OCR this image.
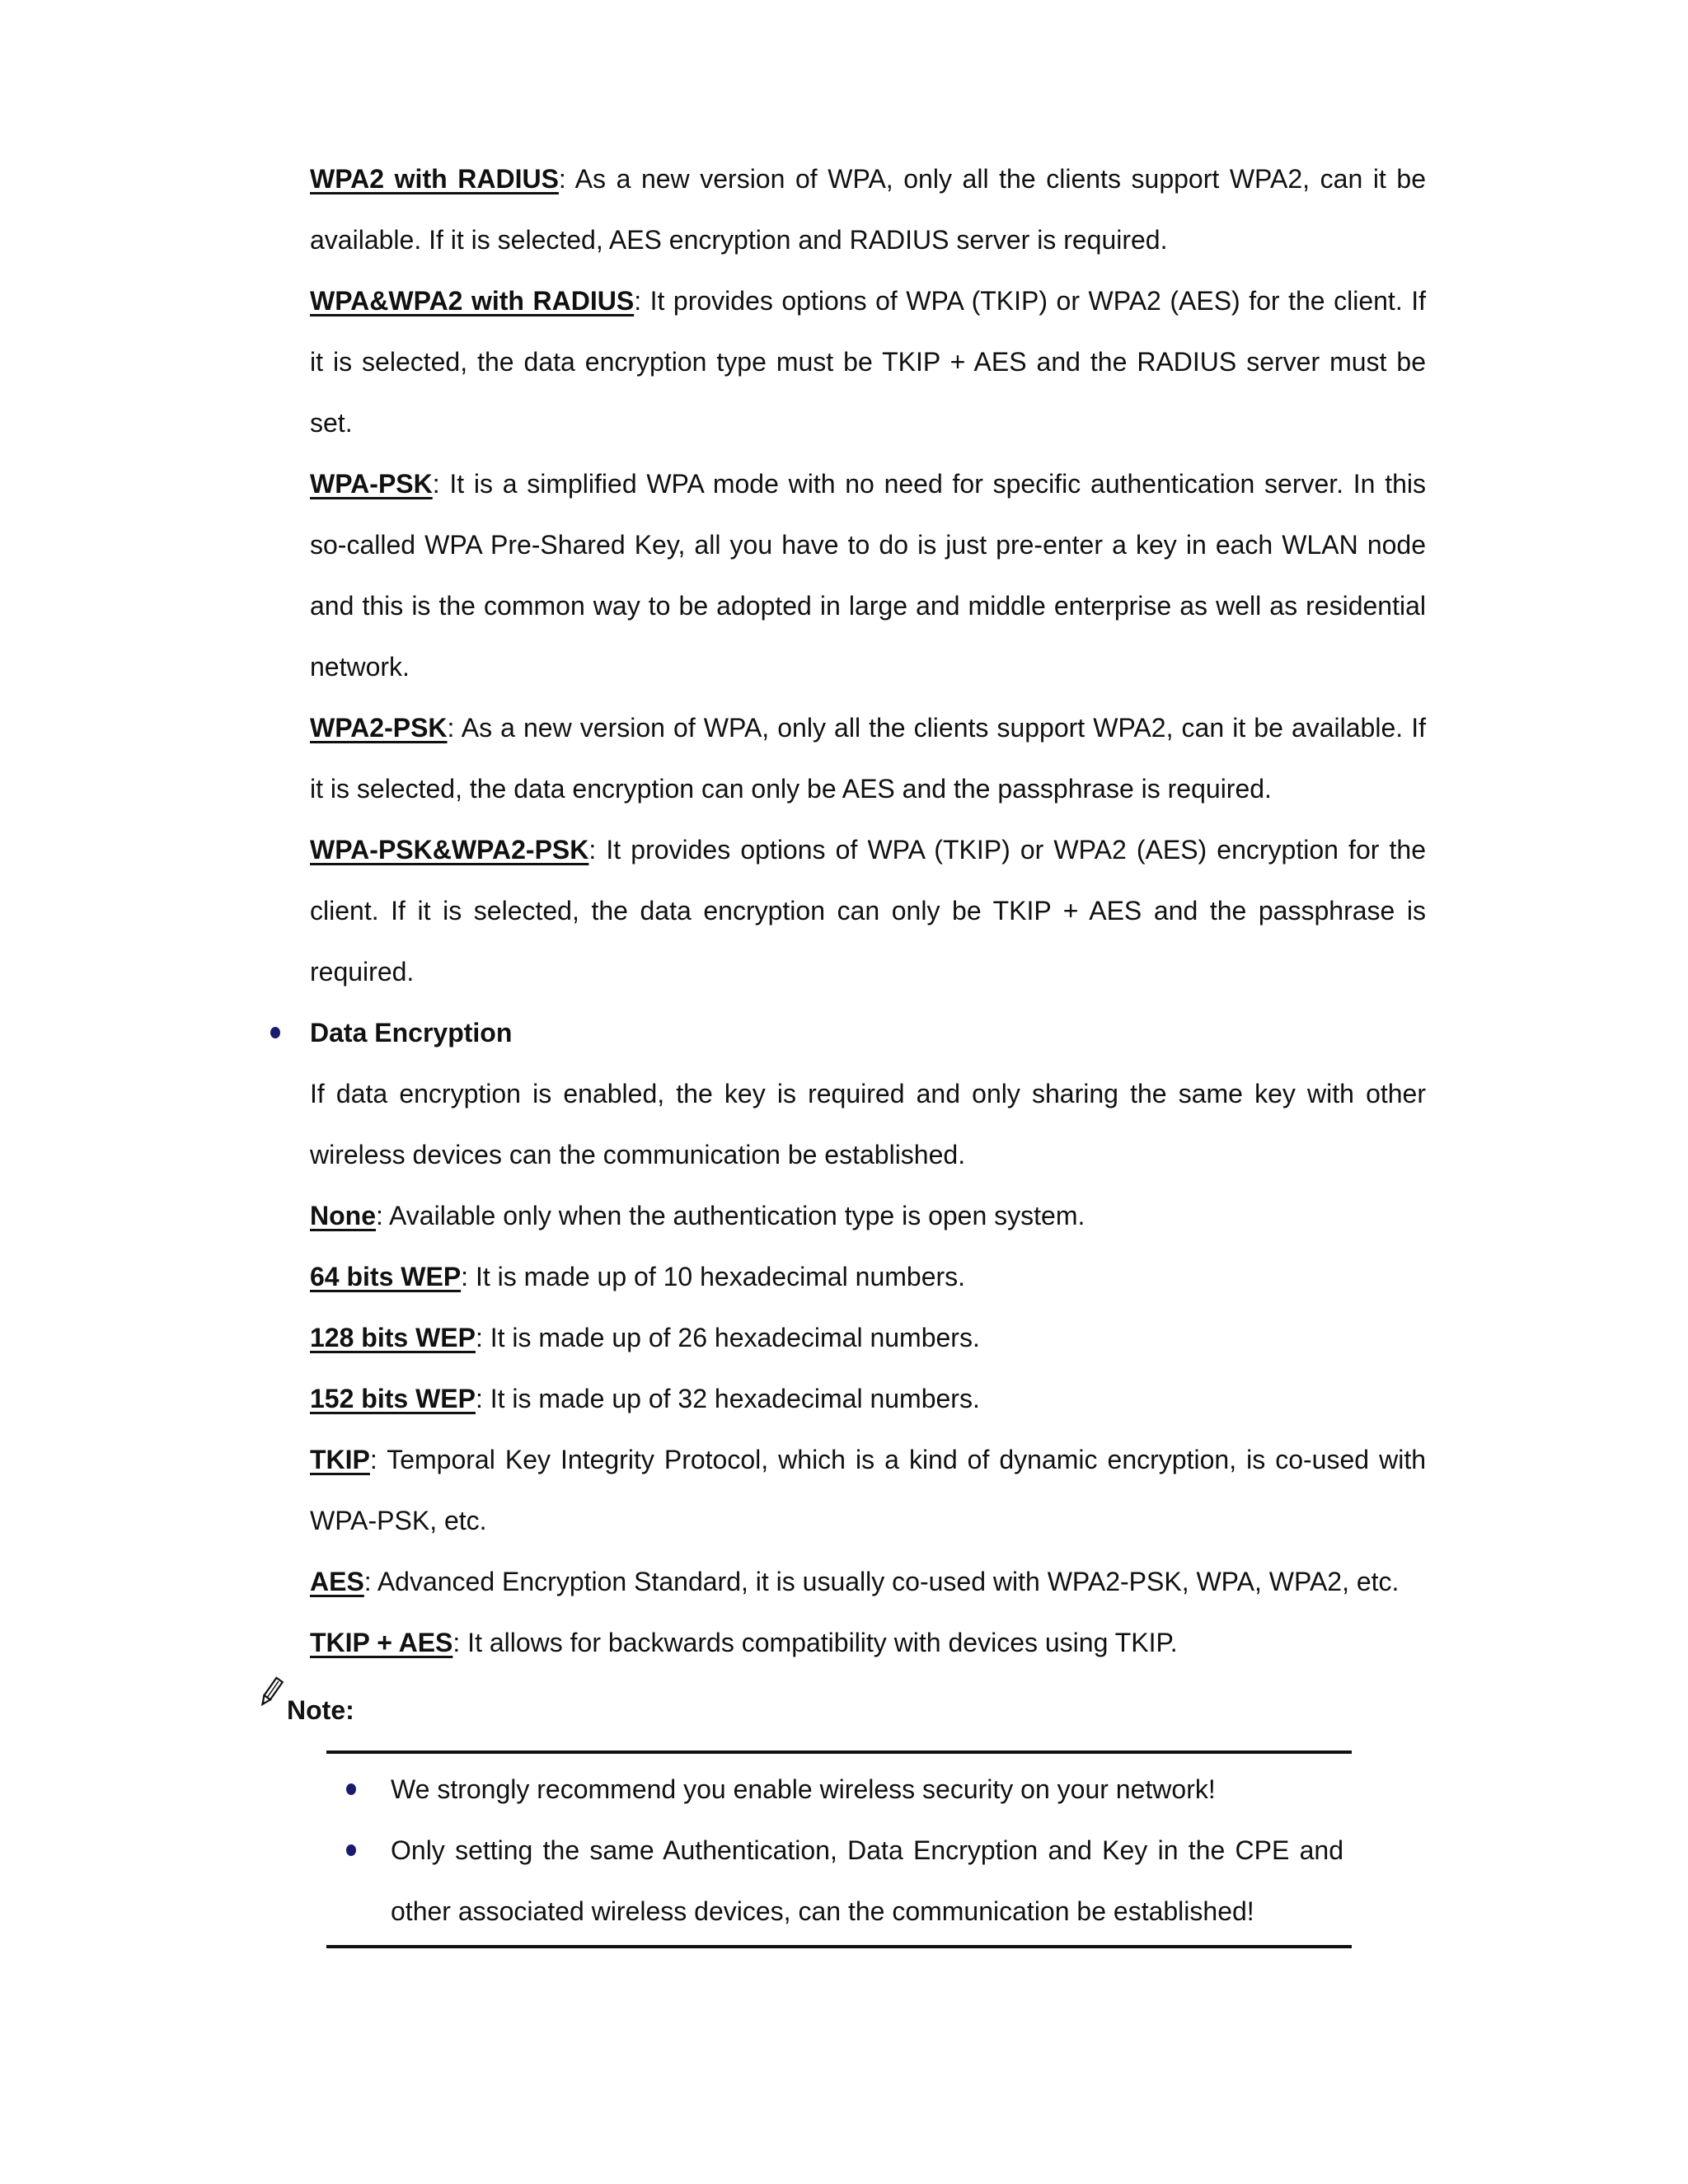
WPA2 with RADIUS: As a new version of WPA, only all the clients support WPA2, can it be available. If it is selected, AES encryption and RADIUS server is required.

WPA&WPA2 with RADIUS: It provides options of WPA (TKIP) or WPA2 (AES) for the client. If it is selected, the data encryption type must be TKIP + AES and the RADIUS server must be set.

WPA-PSK: It is a simplified WPA mode with no need for specific authentication server. In this so-called WPA Pre-Shared Key, all you have to do is just pre-enter a key in each WLAN node and this is the common way to be adopted in large and middle enterprise as well as residential network.

WPA2-PSK: As a new version of WPA, only all the clients support WPA2, can it be available. If it is selected, the data encryption can only be AES and the passphrase is required.

WPA-PSK&WPA2-PSK: It provides options of WPA (TKIP) or WPA2 (AES) encryption for the client. If it is selected, the data encryption can only be TKIP + AES and the passphrase is required.

Data Encryption

If data encryption is enabled, the key is required and only sharing the same key with other wireless devices can the communication be established.

None: Available only when the authentication type is open system.

64 bits WEP: It is made up of 10 hexadecimal numbers.

128 bits WEP: It is made up of 26 hexadecimal numbers.

152 bits WEP: It is made up of 32 hexadecimal numbers.

TKIP: Temporal Key Integrity Protocol, which is a kind of dynamic encryption, is co-used with WPA-PSK, etc.

AES: Advanced Encryption Standard, it is usually co-used with WPA2-PSK, WPA, WPA2, etc.

TKIP + AES: It allows for backwards compatibility with devices using TKIP.

Note:
We strongly recommend you enable wireless security on your network!
Only setting the same Authentication, Data Encryption and Key in the CPE and other associated wireless devices, can the communication be established!
